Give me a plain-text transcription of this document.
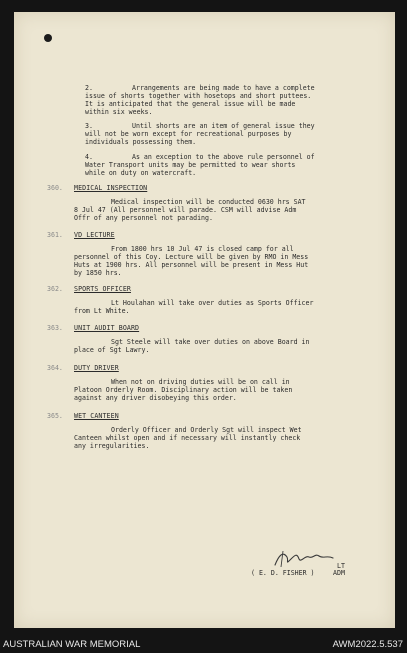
2.	Arrangements are being made to have a complete
issue of shorts together with hosetops and short puttees.
It is anticipated that the general issue will be made
within six weeks.
3.	Until shorts are an item of general issue they
will not be worn except for recreational purposes by
individuals possessing them.
4.	As an exception to the above rule personnel of
Water Transport units may be permitted to wear shorts
while on duty on watercraft.
360. MEDICAL INSPECTION
Medical inspection will be conducted 0630 hrs SAT
8 Jul 47 (All personnel will parade. CSM will advise Adm
Offr of any personnel not parading.
361. VD LECTURE
From 1800 hrs 10 Jul 47 is closed camp for all
personnel of this Coy. Lecture will be given by RMO in Mess
Huts at 1900 hrs. All personnel will be present in Mess Hut
by 1850 hrs.
362. SPORTS OFFICER
Lt Houlahan will take over duties as Sports Officer
from Lt White.
363. UNIT AUDIT BOARD
Sgt Steele will take over duties on above Board in
place of Sgt Lawry.
364. DUTY DRIVER
When not on driving duties will be on call in
Platoon Orderly Room. Disciplinary action will be taken
against any driver disobeying this order.
365. WET CANTEEN
Orderly Officer and Orderly Sgt will inspect Wet
Canteen whilst open and if necessary will instantly check
any irregularities.
LT
( E. D. FISHER )	ADM
AUSTRALIAN WAR MEMORIAL	AWM2022.5.537
